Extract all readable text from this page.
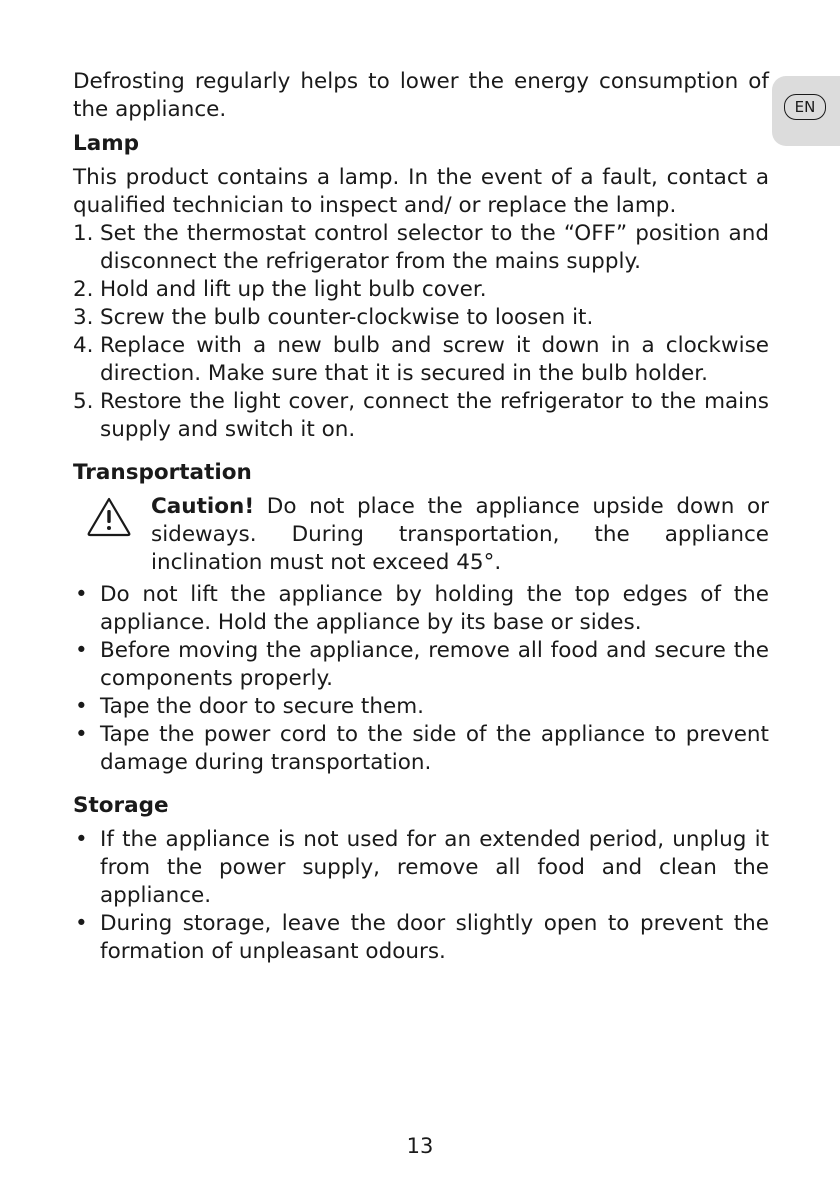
EN

Defrosting regularly helps to lower the energy consumption of the appliance.

Lamp

This product contains a lamp. In the event of a fault, contact a qualified technician to inspect and/ or replace the lamp.

1. Set the thermostat control selector to the “OFF” position and disconnect the refrigerator from the mains supply.
2. Hold and lift up the light bulb cover.
3. Screw the bulb counter-clockwise to loosen it.
4. Replace with a new bulb and screw it down in a clockwise direction. Make sure that it is secured in the bulb holder.
5. Restore the light cover, connect the refrigerator to the mains supply and switch it on.
Transportation

Caution! Do not place the appliance upside down or sideways. During transportation, the appliance inclination must not exceed 45°.

• Do not lift the appliance by holding the top edges of the appliance. Hold the appliance by its base or sides.
• Before moving the appliance, remove all food and secure the components properly.
• Tape the door to secure them.
• Tape the power cord to the side of the appliance to prevent damage during transportation.
Storage
• If the appliance is not used for an extended period, unplug it from the power supply, remove all food and clean the appliance.
• During storage, leave the door slightly open to prevent the formation of unpleasant odours.
13
